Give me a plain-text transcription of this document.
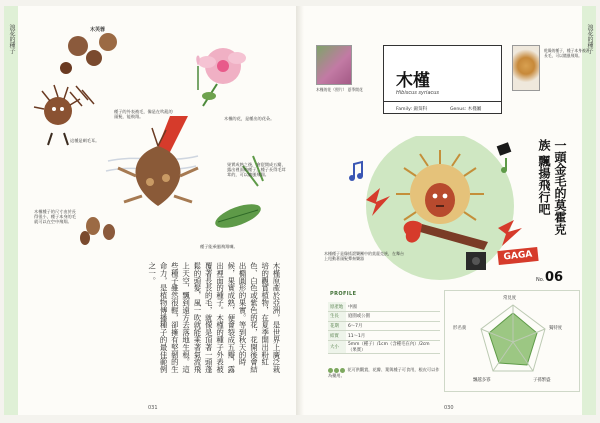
浪花的種子	木芙蓉
種子的外表被毛，像是在吹亂的頭髮，能飛翔。
這種是刺毛耳。
木槿的花，是種出的花朵。
果實成熟之後，會裂開成五瓣，露出裡面的種子，種子長得毛茸茸的，可以隨風飛翔。
木槿種子的尺寸由於長得很小，種子本身的毛就可以在空中飛翔。
種子能乘風飛翔囉。
木槿原產於亞洲，是世界上廣泛栽培的觀賞植物，在夏季開出粉紅色、白色或紫色的花，花開後會結出橢圓形的果實。等到秋天的時候，果實成熟，便會裂成五瓣，露出裡面的種子。木槿的種子外表被覆著長長的毛，就像是頂著一頭蓬鬆的頭髮，風一吹就能乘著氣流飛上天空，飄到遠方去落地生根。這些種子雖然很輕，卻擁有堅韌的生命力，是植物傳播種子的最佳範例之一。
031
浪花的種子
木槿的花（照片） 夏季開花	木槿
Hibiscus syriacus
Family: 錦葵科	Genus: 木槿屬
乾燥的種子，種子本身被著長毛，可以隨風飛翔。
GAGA
木槿種子是像搖滾樂團中的莫霍克族，在舞台上甩動著頭髮彈奏樂器
一頭金毛的莫霍克族 飄揚飛行吧
No. 06
PROFILE
原產地	中國
生長	庭園或公園
花期	6～7月
結實	11～1月
大小	5mm（種子）/1cm（含種毛在內）/2cm（果實）
花可供觀賞，花瓣、葉與種子可食用，根皮可以作為藥用。
常見度
獨特度
子孫繁盛
飄越多寡
形名義
030
